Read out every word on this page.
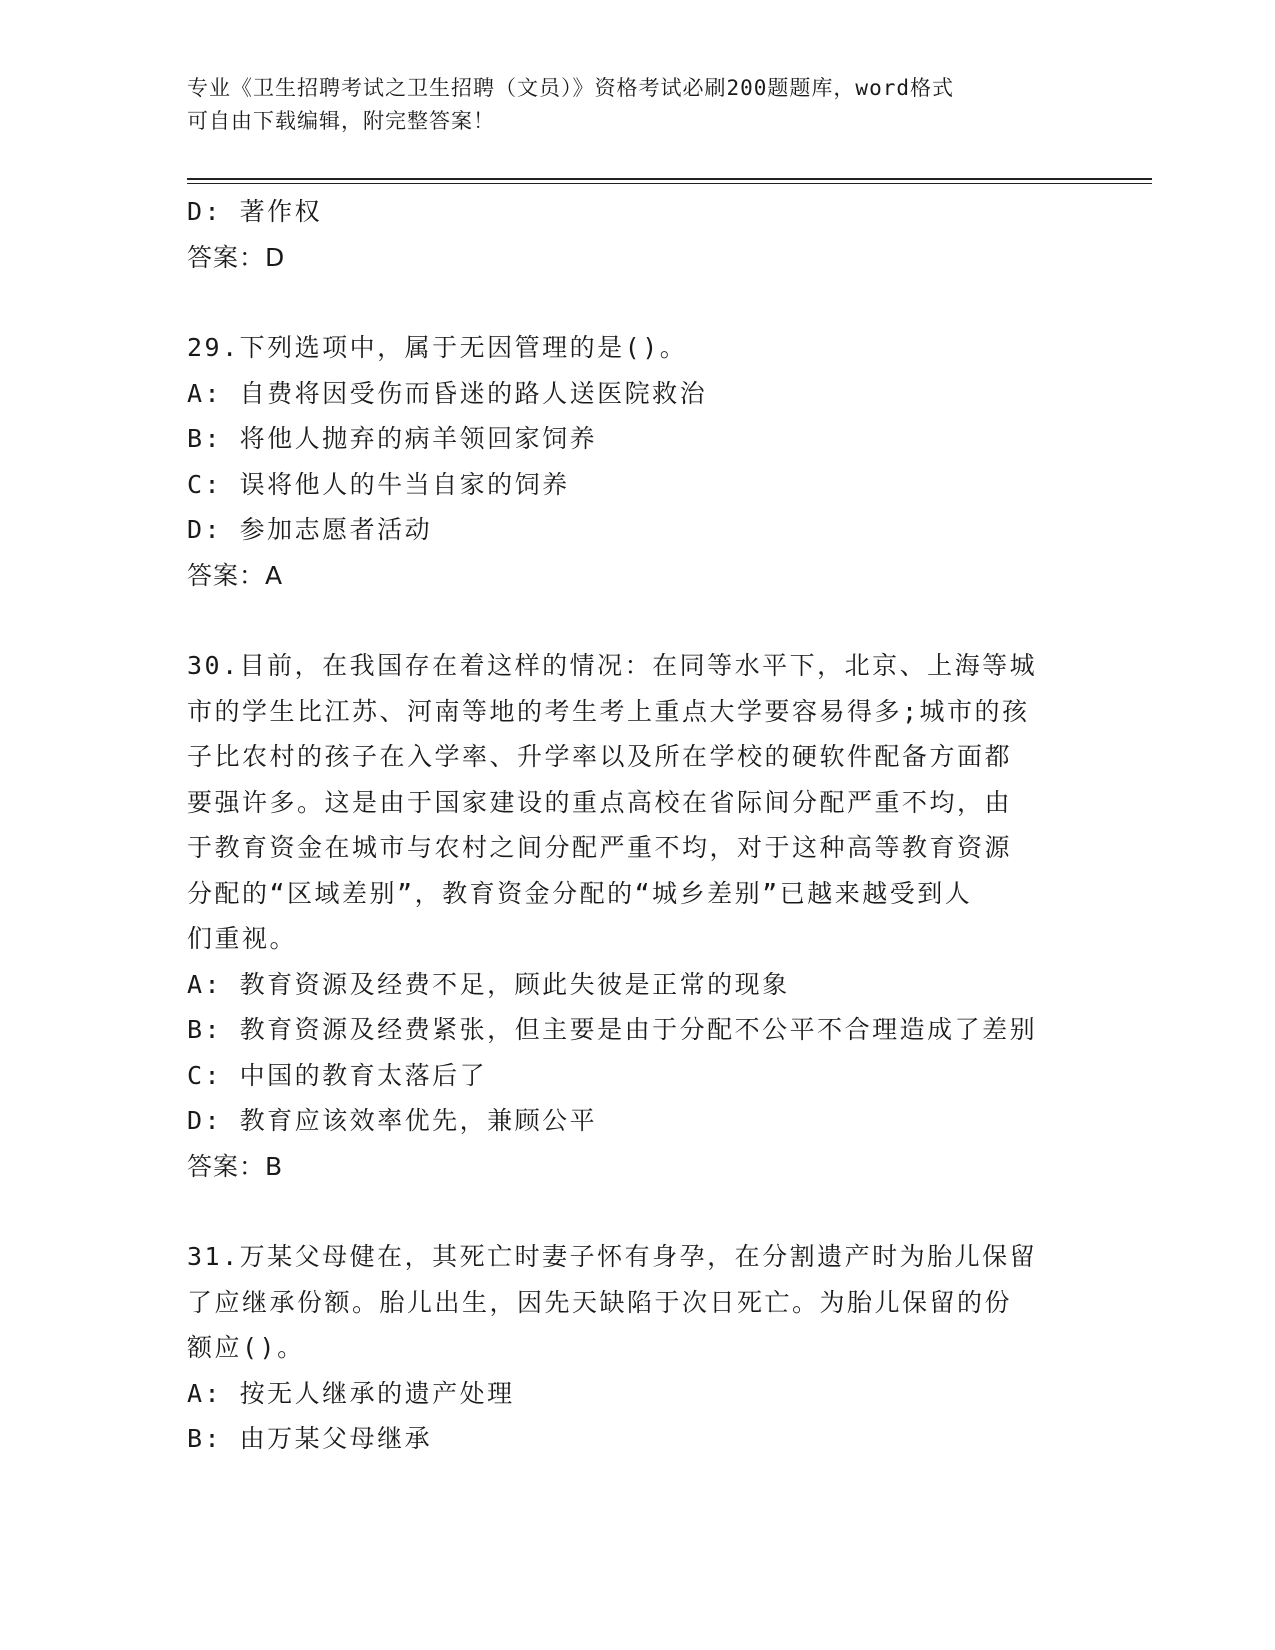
专业《卫生招聘考试之卫生招聘（文员）》资格考试必刷200题题库，word格式
可自由下载编辑，附完整答案！
D: 著作权
答案：D
29.下列选项中，属于无因管理的是()。
A: 自费将因受伤而昏迷的路人送医院救治
B: 将他人抛弃的病羊领回家饲养
C: 误将他人的牛当自家的饲养
D: 参加志愿者活动
答案：A
30.目前，在我国存在着这样的情况：在同等水平下，北京、上海等城
市的学生比江苏、河南等地的考生考上重点大学要容易得多;城市的孩
子比农村的孩子在入学率、升学率以及所在学校的硬软件配备方面都
要强许多。这是由于国家建设的重点高校在省际间分配严重不均，由
于教育资金在城市与农村之间分配严重不均，对于这种高等教育资源
分配的“区域差别”，教育资金分配的“城乡差别”已越来越受到人
们重视。
A: 教育资源及经费不足，顾此失彼是正常的现象
B: 教育资源及经费紧张，但主要是由于分配不公平不合理造成了差别
C: 中国的教育太落后了
D: 教育应该效率优先，兼顾公平
答案：B
31.万某父母健在，其死亡时妻子怀有身孕，在分割遗产时为胎儿保留
了应继承份额。胎儿出生，因先天缺陷于次日死亡。为胎儿保留的份
额应()。
A: 按无人继承的遗产处理
B: 由万某父母继承
